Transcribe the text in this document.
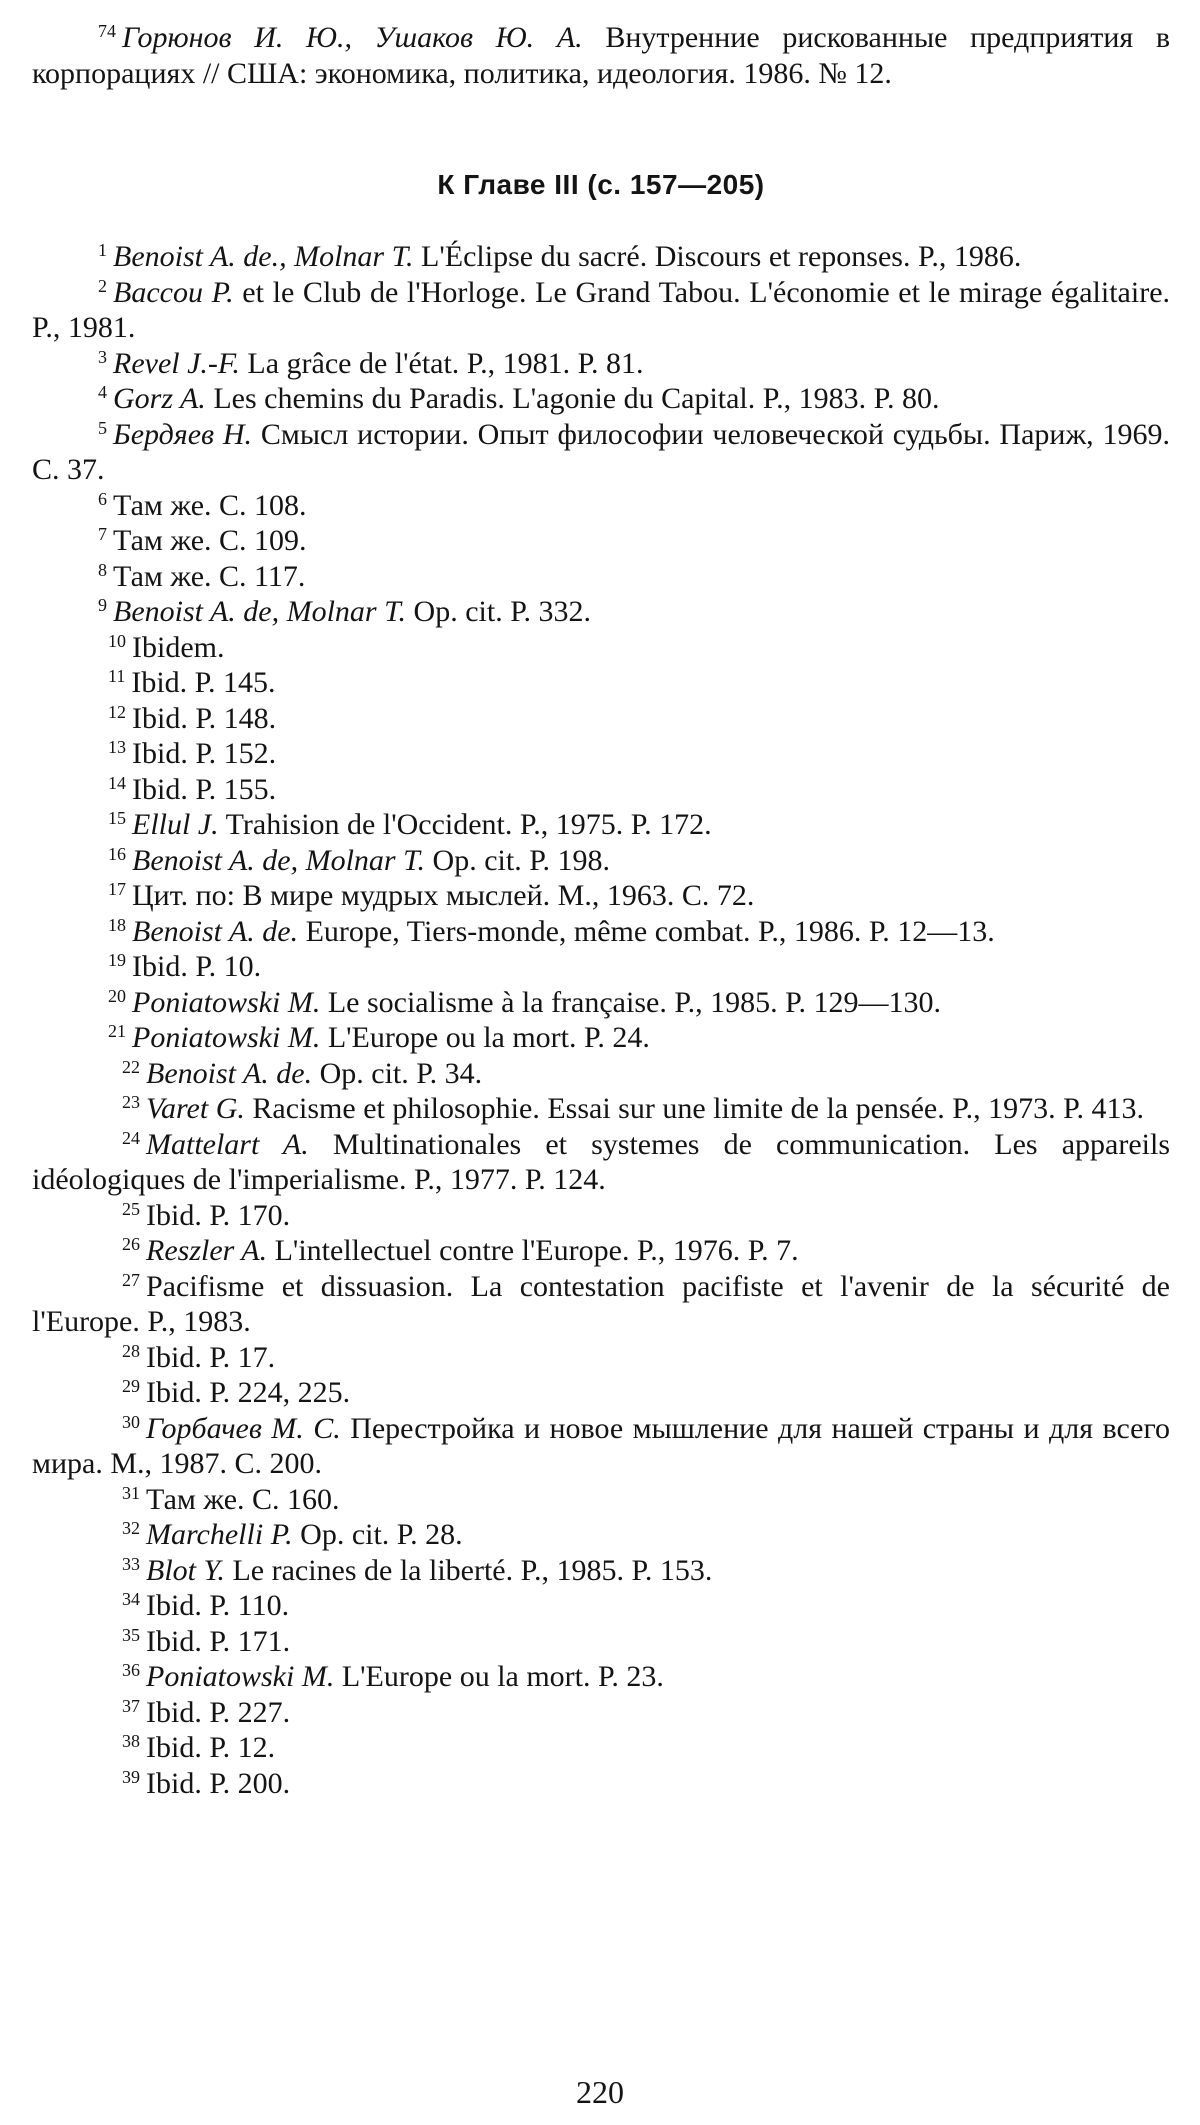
$^{74}$ Горюнов И. Ю., Ушаков Ю. А. Внутренние рискованные предприятия в корпорациях // США: экономика, политика, идеология. 1986. № 12.

К Главе III (с. 157—205)

$^1$ Benoist A. de., Molnar T. L'Éclipse du sacré. Discours et reponses. P., 1986.

$^2$ Baccou P. et le Club de l'Horloge. Le Grand Tabou. L'économie et le mirage égalitaire. P., 1981.

$^3$ Revel J.-F. La grâce de l'état. P., 1981. P. 81.

$^4$ Gorz A. Les chemins du Paradis. L'agonie du Capital. P., 1983. P. 80.

$^5$ Бердяев Н. Смысл истории. Опыт философии человеческой судьбы. Париж, 1969. С. 37.

$^6$ Там же. С. 108.

$^7$ Там же. С. 109.

$^8$ Там же. С. 117.

$^9$ Benoist A. de, Molnar T. Op. cit. P. 332.

$^{10}$ Ibidem.

$^{11}$ Ibid. P. 145.

$^{12}$ Ibid. P. 148.

$^{13}$ Ibid. P. 152.

$^{14}$ Ibid. P. 155.

$^{15}$ Ellul J. Trahision de l'Occident. P., 1975. P. 172.

$^{16}$ Benoist A. de, Molnar T. Op. cit. P. 198.

$^{17}$ Цит. по: В мире мудрых мыслей. М., 1963. С. 72.

$^{18}$ Benoist A. de. Europe, Tiers-monde, même combat. P., 1986. P. 12—13.

$^{19}$ Ibid. P. 10.

$^{20}$ Poniatowski M. Le socialisme à la française. P., 1985. P. 129—130.

$^{21}$ Poniatowski M. L'Europe ou la mort. P. 24.

$^{22}$ Benoist A. de. Op. cit. P. 34.

$^{23}$ Varet G. Racisme et philosophie. Essai sur une limite de la pensée. P., 1973. P. 413.

$^{24}$ Mattelart A. Multinationales et systemes de communication. Les appareils idéologiques de l'imperialisme. P., 1977. P. 124.

$^{25}$ Ibid. P. 170.

$^{26}$ Reszler A. L'intellectuel contre l'Europe. P., 1976. P. 7.

$^{27}$ Pacifisme et dissuasion. La contestation pacifiste et l'avenir de la sécurité de l'Europe. P., 1983.

$^{28}$ Ibid. P. 17.

$^{29}$ Ibid. P. 224, 225.

$^{30}$ Горбачев М. С. Перестройка и новое мышление для нашей страны и для всего мира. М., 1987. С. 200.

$^{31}$ Там же. С. 160.

$^{32}$ Marchelli P. Op. cit. P. 28.

$^{33}$ Blot Y. Le racines de la liberté. P., 1985. P. 153.

$^{34}$ Ibid. P. 110.

$^{35}$ Ibid. P. 171.

$^{36}$ Poniatowski M. L'Europe ou la mort. P. 23.

$^{37}$ Ibid. P. 227.

$^{38}$ Ibid. P. 12.

$^{39}$ Ibid. P. 200.

220
